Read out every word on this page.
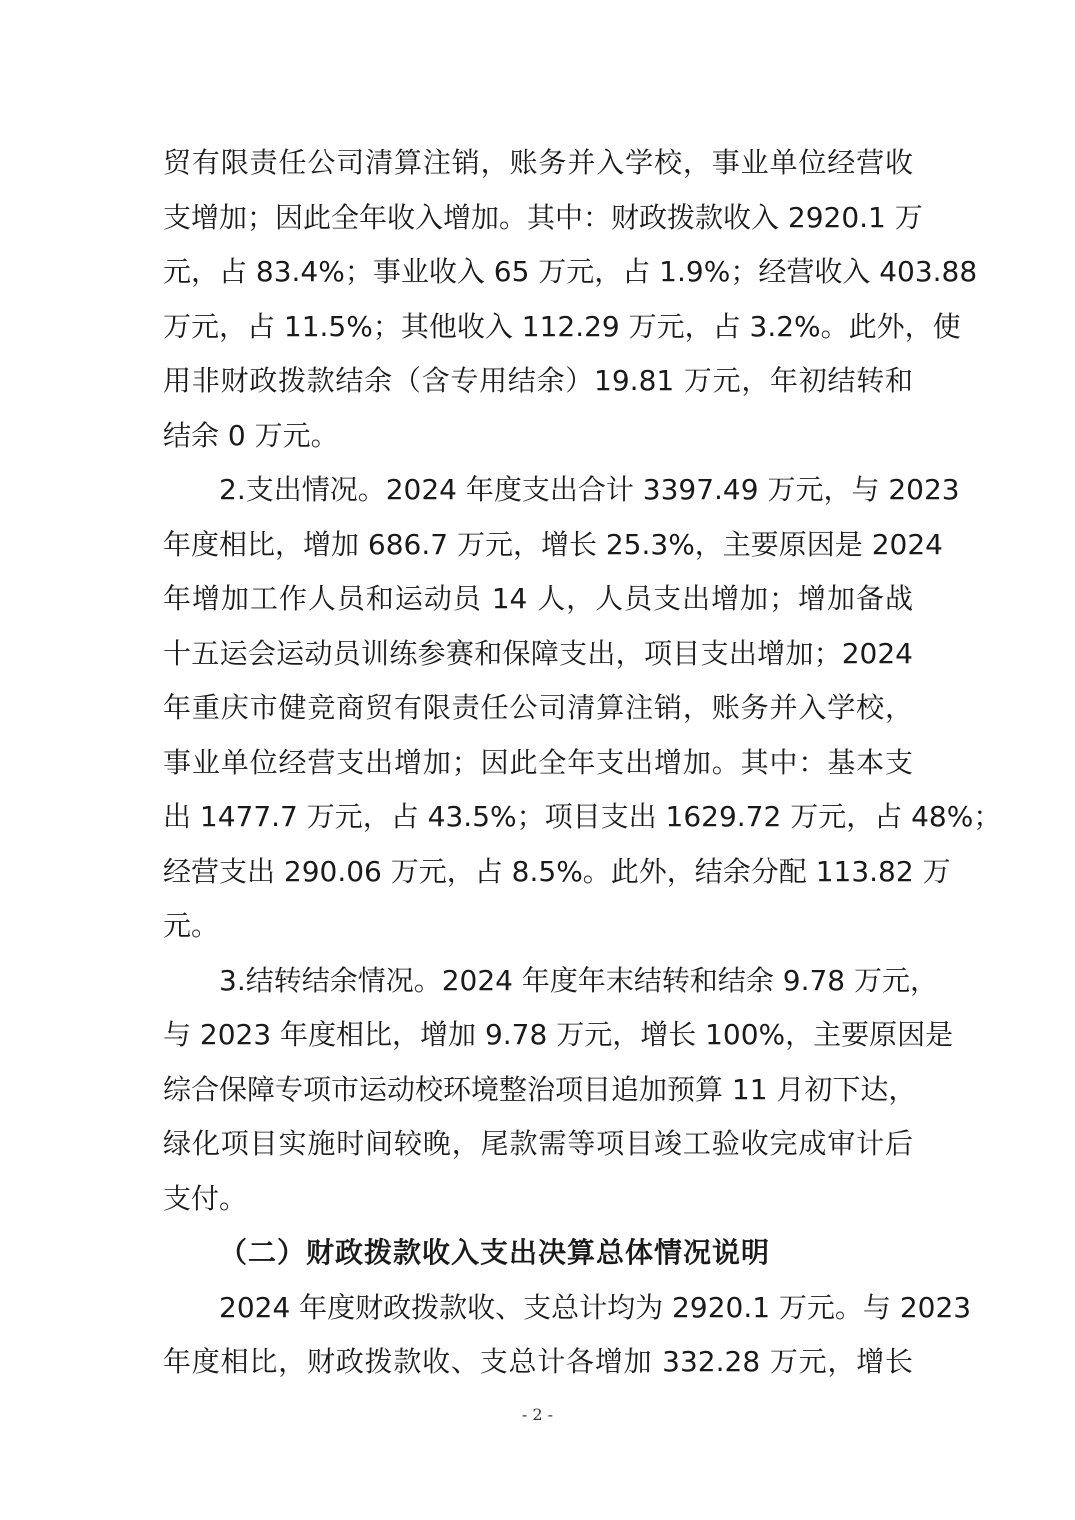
贸有限责任公司清算注销，账务并入学校，事业单位经营收
支增加；因此全年收入增加。其中：财政拨款收入 2920.1 万
元，占 83.4%；事业收入 65 万元，占 1.9%；经营收入 403.88
万元，占 11.5%；其他收入 112.29 万元，占 3.2%。此外，使
用非财政拨款结余（含专用结余）19.81 万元，年初结转和
结余 0 万元。
2.支出情况。2024 年度支出合计 3397.49 万元，与 2023
年度相比，增加 686.7 万元，增长 25.3%，主要原因是 2024
年增加工作人员和运动员 14 人，人员支出增加；增加备战
十五运会运动员训练参赛和保障支出，项目支出增加；2024
年重庆市健竞商贸有限责任公司清算注销，账务并入学校，
事业单位经营支出增加；因此全年支出增加。其中：基本支
出 1477.7 万元，占 43.5%；项目支出 1629.72 万元，占 48%；
经营支出 290.06 万元，占 8.5%。此外，结余分配 113.82 万
元。
3.结转结余情况。2024 年度年末结转和结余 9.78 万元，
与 2023 年度相比，增加 9.78 万元，增长 100%，主要原因是
综合保障专项市运动校环境整治项目追加预算 11 月初下达，
绿化项目实施时间较晚，尾款需等项目竣工验收完成审计后
支付。
（二）财政拨款收入支出决算总体情况说明
2024 年度财政拨款收、支总计均为 2920.1 万元。与 2023
年度相比，财政拨款收、支总计各增加 332.28 万元，增长
- 2 -
